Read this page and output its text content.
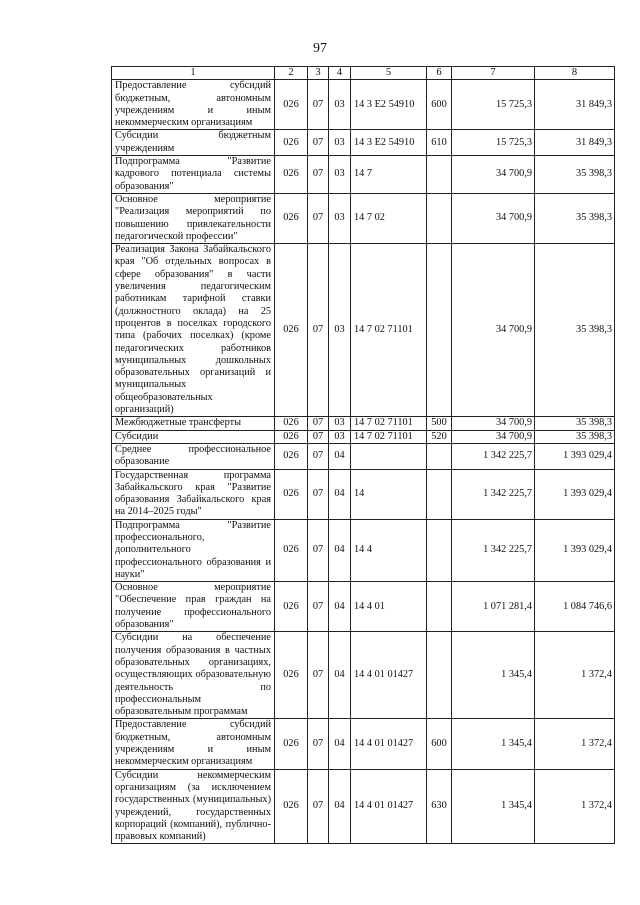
97
1	2	3	4	5	6	7	8
Предоставление субсидий бюджетным, автономным учреждениям и иным некоммерческим организациям	026	07	03	14 3 E2 54910	600	15 725,3	31 849,3
Субсидии бюджетным учреждениям	026	07	03	14 3 E2 54910	610	15 725,3	31 849,3
Подпрограмма "Развитие кадрового потенциала системы образования"	026	07	03	14 7		34 700,9	35 398,3
Основное мероприятие "Реализация мероприятий по повышению привлекательности педагогической профессии"	026	07	03	14 7 02		34 700,9	35 398,3
Реализация Закона Забайкальского края "Об отдельных вопросах в сфере образования" в части увеличения педагогическим работникам тарифной ставки (должностного оклада) на 25 процентов в поселках городского типа (рабочих поселках) (кроме педагогических работников муниципальных дошкольных образовательных организаций и муниципальных общеобразовательных организаций)	026	07	03	14 7 02 71101		34 700,9	35 398,3
Межбюджетные трансферты	026	07	03	14 7 02 71101	500	34 700,9	35 398,3
Субсидии	026	07	03	14 7 02 71101	520	34 700,9	35 398,3
Среднее профессиональное образование	026	07	04			1 342 225,7	1 393 029,4
Государственная программа Забайкальского края "Развитие образования Забайкальского края на 2014–2025 годы"	026	07	04	14		1 342 225,7	1 393 029,4
Подпрограмма "Развитие профессионального, дополнительного профессионального образования и науки"	026	07	04	14 4		1 342 225,7	1 393 029,4
Основное мероприятие "Обеспечение прав граждан на получение профессионального образования"	026	07	04	14 4 01		1 071 281,4	1 084 746,6
Субсидии на обеспечение получения образования в частных образовательных организациях, осуществляющих образовательную деятельность по профессиональным образовательным программам	026	07	04	14 4 01 01427		1 345,4	1 372,4
Предоставление субсидий бюджетным, автономным учреждениям и иным некоммерческим организациям	026	07	04	14 4 01 01427	600	1 345,4	1 372,4
Субсидии некоммерческим организациям (за исключением государственных (муниципальных) учреждений, государственных корпораций (компаний), публично-правовых компаний)	026	07	04	14 4 01 01427	630	1 345,4	1 372,4
